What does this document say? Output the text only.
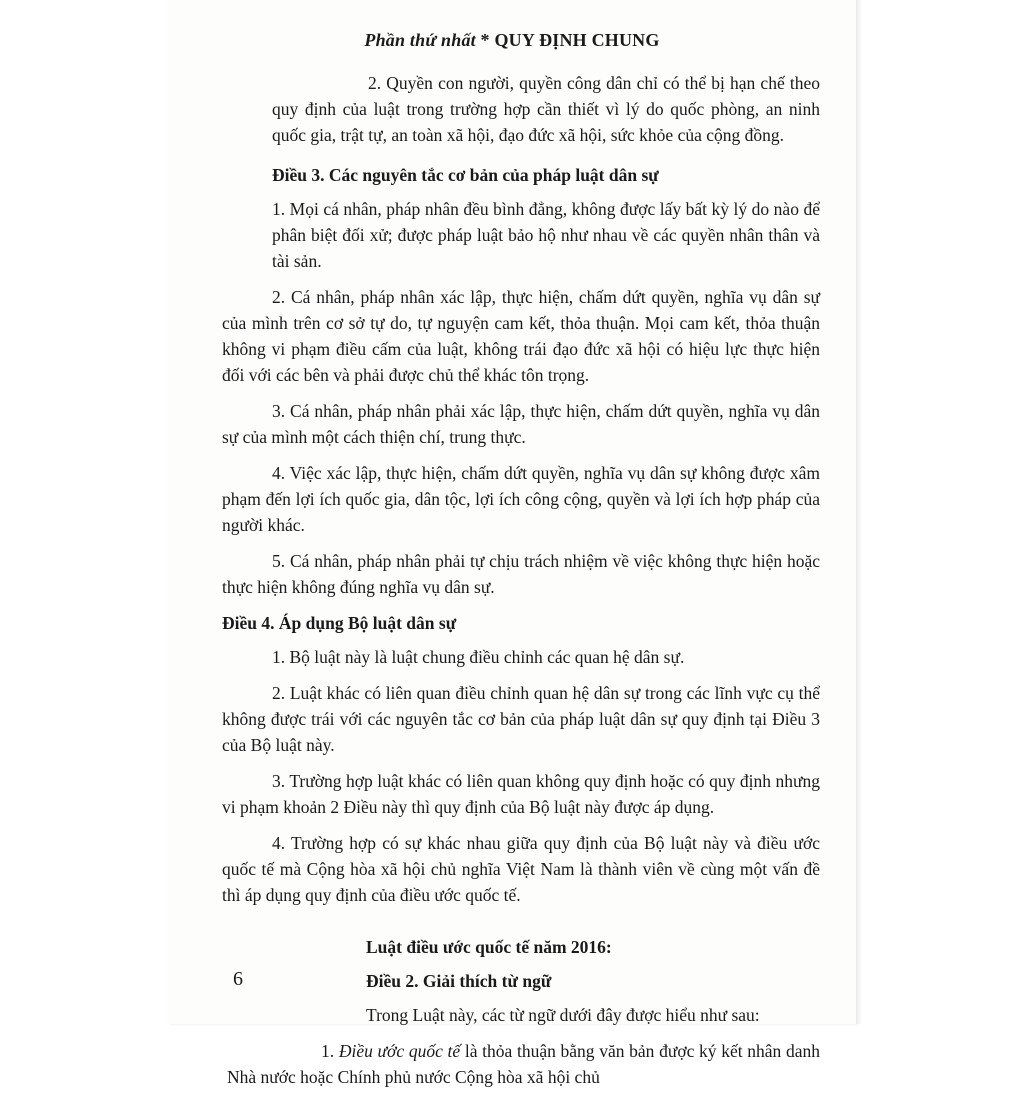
Phần thứ nhất * QUY ĐỊNH CHUNG

2. Quyền con người, quyền công dân chỉ có thể bị hạn chế theo quy định của luật trong trường hợp cần thiết vì lý do quốc phòng, an ninh quốc gia, trật tự, an toàn xã hội, đạo đức xã hội, sức khỏe của cộng đồng.

Điều 3. Các nguyên tắc cơ bản của pháp luật dân sự

1. Mọi cá nhân, pháp nhân đều bình đẳng, không được lấy bất kỳ lý do nào để phân biệt đối xử; được pháp luật bảo hộ như nhau về các quyền nhân thân và tài sản.

2. Cá nhân, pháp nhân xác lập, thực hiện, chấm dứt quyền, nghĩa vụ dân sự của mình trên cơ sở tự do, tự nguyện cam kết, thỏa thuận. Mọi cam kết, thỏa thuận không vi phạm điều cấm của luật, không trái đạo đức xã hội có hiệu lực thực hiện đối với các bên và phải được chủ thể khác tôn trọng.

3. Cá nhân, pháp nhân phải xác lập, thực hiện, chấm dứt quyền, nghĩa vụ dân sự của mình một cách thiện chí, trung thực.

4. Việc xác lập, thực hiện, chấm dứt quyền, nghĩa vụ dân sự không được xâm phạm đến lợi ích quốc gia, dân tộc, lợi ích công cộng, quyền và lợi ích hợp pháp của người khác.

5. Cá nhân, pháp nhân phải tự chịu trách nhiệm về việc không thực hiện hoặc thực hiện không đúng nghĩa vụ dân sự.

Điều 4. Áp dụng Bộ luật dân sự

1. Bộ luật này là luật chung điều chỉnh các quan hệ dân sự.

2. Luật khác có liên quan điều chỉnh quan hệ dân sự trong các lĩnh vực cụ thể không được trái với các nguyên tắc cơ bản của pháp luật dân sự quy định tại Điều 3 của Bộ luật này.

3. Trường hợp luật khác có liên quan không quy định hoặc có quy định nhưng vi phạm khoản 2 Điều này thì quy định của Bộ luật này được áp dụng.

4. Trường hợp có sự khác nhau giữa quy định của Bộ luật này và điều ước quốc tế mà Cộng hòa xã hội chủ nghĩa Việt Nam là thành viên về cùng một vấn đề thì áp dụng quy định của điều ước quốc tế.

Luật điều ước quốc tế năm 2016:

Điều 2. Giải thích từ ngữ

Trong Luật này, các từ ngữ dưới đây được hiểu như sau:

1. Điều ước quốc tế là thỏa thuận bằng văn bản được ký kết nhân danh Nhà nước hoặc Chính phủ nước Cộng hòa xã hội chủ

6
